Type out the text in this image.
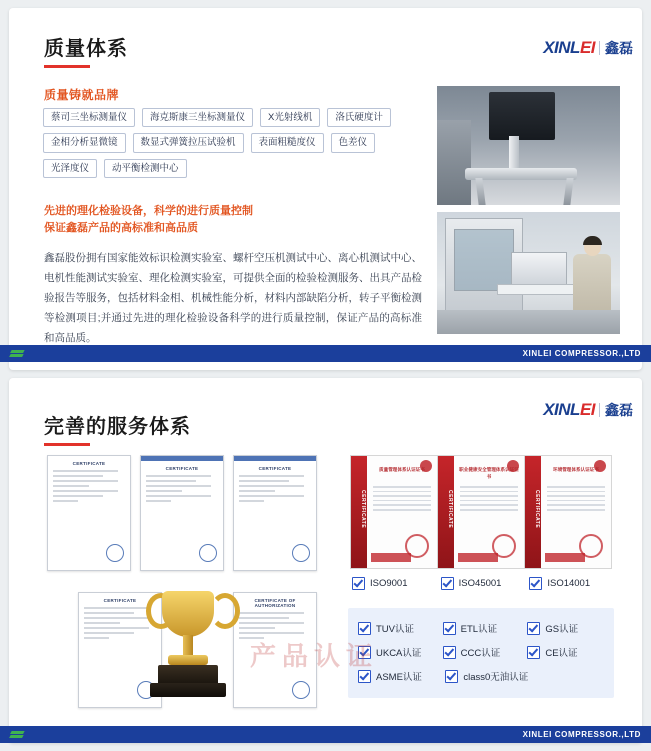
质量体系	XINLEI 鑫磊
质量铸就品牌
蔡司三坐标测量仪	海克斯康三坐标测量仪	X光射线机	洛氏硬度计
金相分析显微镜	数显式弹簧拉压试验机	表面粗糙度仪	色差仪
光泽度仪	动平衡检测中心
先进的理化检验设备，科学的进行质量控制
保证鑫磊产品的高标准和高品质
鑫磊股份拥有国家能效标识检测实验室、螺杆空压机测试中心、离心机测试中心、电机性能测试实验室、理化检测实验室，可提供全面的检验检测服务、出具产品检验报告等服务，包括材料金相、机械性能分析，材料内部缺陷分析，转子平衡检测等检测项目;并通过先进的理化检验设备科学的进行质量控制，保证产品的高标准和高品质。
XINLEI COMPRESSOR.,LTD
完善的服务体系
XINLEI 鑫磊
CERTIFICATE
CERTIFICATE	CERTIFICATE
CERTIFICATE	CERTIFICATE OF AUTHORIZATION
CERTIFICATE
质量管理体系认证证书
CERTIFICATE
职业健康安全管理体系认证证书
CERTIFICATE
环境管理体系认证证书
ISO9001	ISO45001	ISO14001
TUV认证	ETL认证	GS认证
UKCA认证	CCC认证	CE认证
ASME认证	class0无油认证
产品认证
XINLEI COMPRESSOR.,LTD
